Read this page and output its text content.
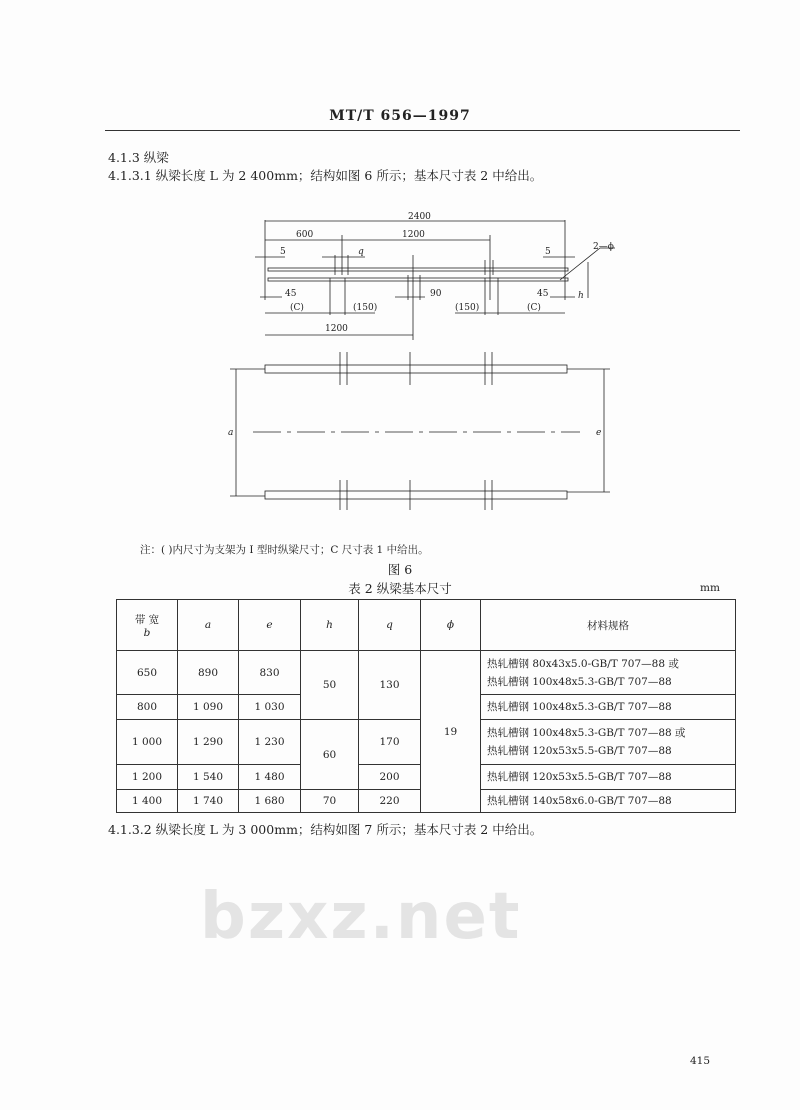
bzxz.net
MT/T 656—1997
4.1.3 纵梁
4.1.3.1 纵梁长度 L 为 2 400mm；结构如图 6 所示；基本尺寸表 2 中给出。
2400
600	1200
5	q	5	2—ϕ
45	90	45	h
(C)	(150)	(150)	(C)
1200
a	e
注：( )内尺寸为支架为 I 型时纵梁尺寸；C 尺寸表 1 中给出。
图 6
表 2 纵梁基本尺寸	mm
带 宽
b	a	e	h	q	ϕ	材料规格
650	890	830	50	130	19	热轧槽钢 80x43x5.0-GB/T 707—88 或
热轧槽钢 100x48x5.3-GB/T 707—88
800	1 090	1 030				热轧槽钢 100x48x5.3-GB/T 707—88
1 000	1 290	1 230	60	170		热轧槽钢 100x48x5.3-GB/T 707—88 或
热轧槽钢 120x53x5.5-GB/T 707—88
1 200	1 540	1 480		200		热轧槽钢 120x53x5.5-GB/T 707—88
1 400	1 740	1 680	70	220		热轧槽钢 140x58x6.0-GB/T 707—88
4.1.3.2 纵梁长度 L 为 3 000mm；结构如图 7 所示；基本尺寸表 2 中给出。
415
